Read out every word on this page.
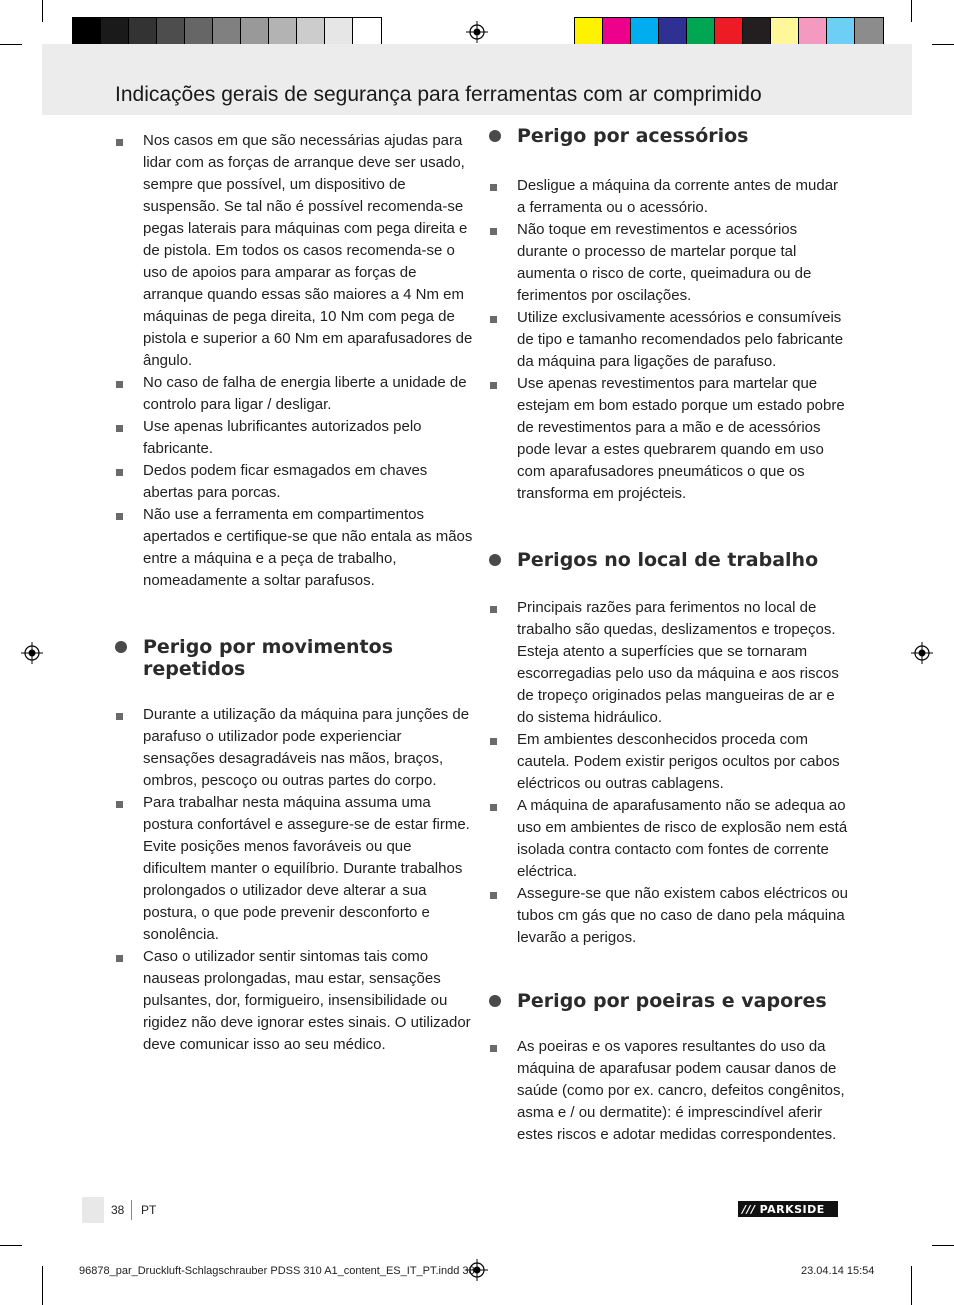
Indicações gerais de segurança para ferramentas com ar comprimido
Nos casos em que são necessárias ajudas para lidar com as forças de arranque deve ser usado, sempre que possível, um dispositivo de suspensão. Se tal não é possível recomenda-se pegas laterais para máquinas com pega direita e de pistola. Em todos os casos recomenda-se o uso de apoios para amparar as forças de arranque quando essas são maiores a 4 Nm em máquinas de pega direita, 10 Nm com pega de pistola e superior a 60 Nm em aparafusadores de ângulo.
No caso de falha de energia liberte a unidade de controlo para ligar / desligar.
Use apenas lubrificantes autorizados pelo fabricante.
Dedos podem ficar esmagados em chaves abertas para porcas.
Não use a ferramenta em compartimentos apertados e certifique-se que não entala as mãos entre a máquina e a peça de trabalho, nomeadamente a soltar parafusos.
Perigo por movimentos repetidos
Durante a utilização da máquina para junções de parafuso o utilizador pode experienciar sensações desagradáveis nas mãos, braços, ombros, pescoço ou outras partes do corpo.
Para trabalhar nesta máquina assuma uma postura confortável e assegure-se de estar firme. Evite posições menos favoráveis ou que dificultem manter o equilíbrio. Durante trabalhos prolongados o utilizador deve alterar a sua postura, o que pode prevenir desconforto e sonolência.
Caso o utilizador sentir sintomas tais como nauseas prolongadas, mau estar, sensações pulsantes, dor, formigueiro, insensibilidade ou rigidez não deve ignorar estes sinais. O utilizador deve comunicar isso ao seu médico.
Perigo por acessórios
Desligue a máquina da corrente antes de mudar a ferramenta ou o acessório.
Não toque em revestimentos e acessórios durante o processo de martelar porque tal aumenta o risco de corte, queimadura ou de ferimentos por oscilações.
Utilize exclusivamente acessórios e consumíveis de tipo e tamanho recomendados pelo fabricante da máquina para ligações de parafuso.
Use apenas revestimentos para martelar que estejam em bom estado porque um estado pobre de revestimentos para a mão e de acessórios pode levar a estes quebrarem quando em uso com aparafusadores pneumáticos o que os transforma em projécteis.
Perigos no local de trabalho
Principais razões para ferimentos no local de trabalho são quedas, deslizamentos e tropeços. Esteja atento a superfícies que se tornaram escorregadias pelo uso da máquina e aos riscos de tropeço originados pelas mangueiras de ar e do sistema hidráulico.
Em ambientes desconhecidos proceda com cautela. Podem existir perigos ocultos por cabos eléctricos ou outras cablagens.
A máquina de aparafusamento não se adequa ao uso em ambientes de risco de explosão nem está isolada contra contacto com fontes de corrente eléctrica.
Assegure-se que não existem cabos eléctricos ou tubos cm gás que no caso de dano pela máquina levarão a perigos.
Perigo por poeiras e vapores
As poeiras e os vapores resultantes do uso da máquina de aparafusar podem causar danos de saúde (como por ex. cancro, defeitos congênitos, asma e / ou dermatite): é imprescindível aferir estes riscos e adotar medidas correspondentes.
38 PT	/// PARKSIDE
96878_par_Druckluft-Schlagschrauber PDSS 310 A1_content_ES_IT_PT.indd 38	23.04.14 15:54
